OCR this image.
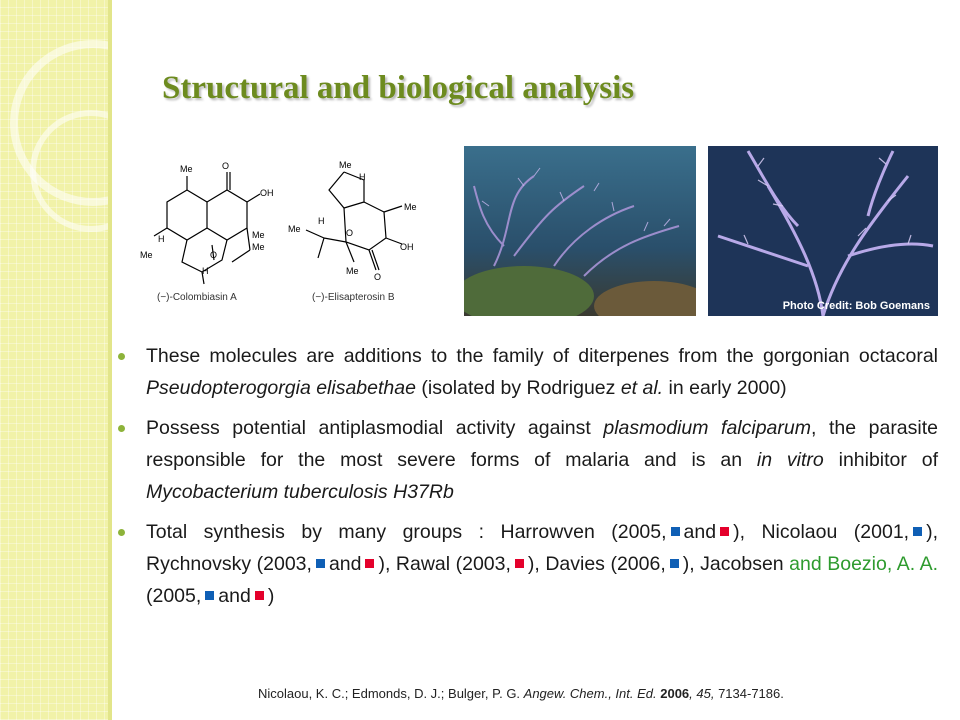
Structural and biological analysis
Me	O
OH
Me
Me
H
Me	O
H
(−)-Colombiasin A
Me
H
Me
H
Me	O
OH
Me
O
(−)-Elisapterosin B
Photo Credit: Bob Goemans
These molecules are additions to the family of diterpenes from the gorgonian octacoral Pseudopterogorgia elisabethae (isolated by Rodriguez et al. in early 2000)
Possess potential antiplasmodial activity against plasmodium falciparum, the parasite responsible for the most severe forms of malaria and is an in vitro inhibitor of Mycobacterium tuberculosis H37Rb
Total synthesis by many groups : Harrowven (2005, and ), Nicolaou (2001, ), Rychnovsky (2003, and ), Rawal (2003, ), Davies (2006, ), Jacobsen and Boezio, A. A. (2005, and )
Nicolaou, K. C.; Edmonds, D. J.; Bulger, P. G. Angew. Chem., Int. Ed. 2006, 45, 7134-7186.
